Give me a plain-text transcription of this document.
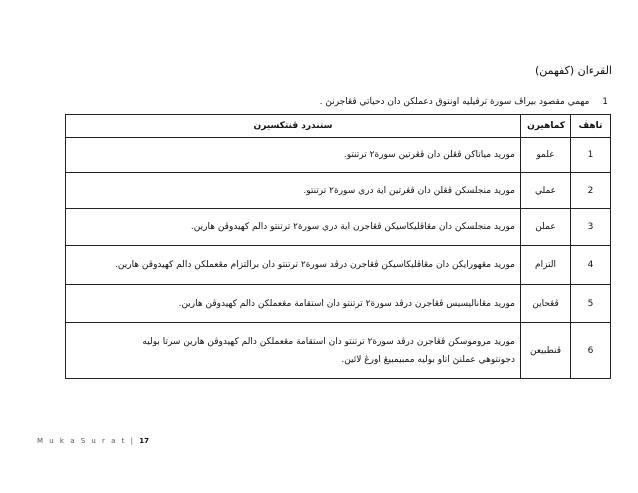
القرءان (کفهمن)
1 مهمي مقصود بيراڤ سورة ترڤيليه اونتوق دعملكن دان دحياتي ڤڠاجرنڽ .
تاهڤ	كماهيرن	ستندرد ڤنتکسيرن
1	علمو	موريد مياتاكن ڤڠلن دان ڤڠرتين سورة٢ ترتنتو.

2	عملي	موريد منجلسكن ڤڠلن دان ڤڠرتين اية دري سورة٢ ترتنتو.

3	عملن	موريد منجلسكن دان مڠاڤليكاسيكن ڤڠاجرن اية دري سورة٢ ترتنتو دالم كهيدوڤن هارين.

4	التزام	موريد مڠهورايكن دان مڠاڤليكاسيكن ڤڠاجرن درڤد سورة٢ ترتنتو دان برالتزام مڠعملكن دالم كهيدوڤن هارين.

5	ڤڠحاين	موريد مڠاناليسيس ڤڠاجرن درڤد سورة٢ ترتنتو دان استقامة مڠعملكن دالم كهيدوڤن هارين.

6	ڤنطبيعن	موريد مروموسكن ڤڠاجرن درڤد سورة٢ ترتنتو دان استقامة مڠعملكن دالم كهيدوڤن هارين سرتا بوليه
دجونتوهي عملنڽ اتاو بوليه ممبيمبيڠ اورڠ لائين.
M u k a S u r a t | 17
